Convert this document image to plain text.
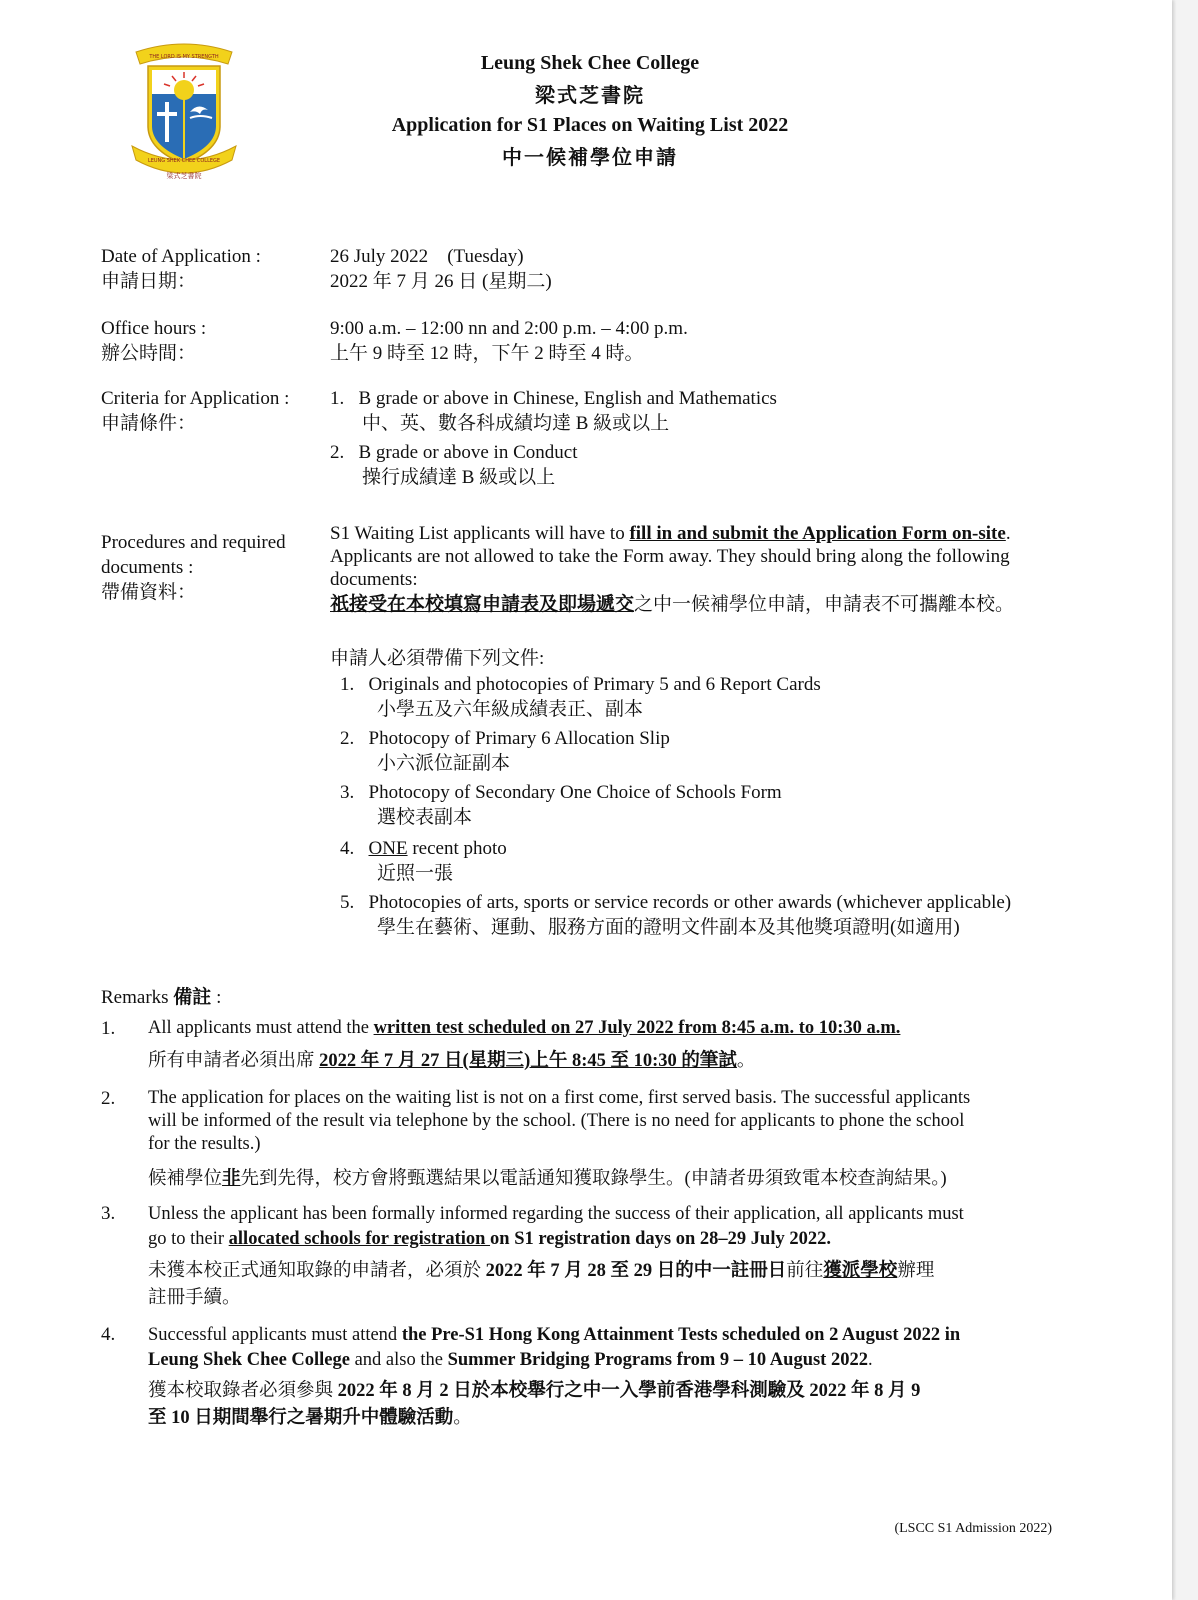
THE LORD IS MY STRENGTH
LEUNG SHEK CHEE COLLEGE
梁式芝書院
Leung Shek Chee College
梁式芝書院
Application for S1 Places on Waiting List 2022
中一候補學位申請
Date of Application :
申請日期：
26 July 2022 (Tuesday)
2022 年 7 月 26 日 (星期二)
Office hours :
辦公時間：
9:00 a.m. – 12:00 nn and 2:00 p.m. – 4:00 p.m.
上午 9 時至 12 時，下午 2 時至 4 時。
Criteria for Application :
申請條件：
1. B grade or above in Chinese, English and Mathematics
中、英、數各科成績均達 B 級或以上
2. B grade or above in Conduct
操行成績達 B 級或以上
Procedures and required
documents :
帶備資料：
S1 Waiting List applicants will have to fill in and submit the Application Form on-site.
Applicants are not allowed to take the Form away. They should bring along the following
documents:
祇接受在本校填寫申請表及即場遞交之中一候補學位申請，申請表不可攜離本校。
申請人必須帶備下列文件:
1. Originals and photocopies of Primary 5 and 6 Report Cards
小學五及六年級成績表正、副本
2. Photocopy of Primary 6 Allocation Slip
小六派位証副本
3. Photocopy of Secondary One Choice of Schools Form
選校表副本
4. ONE recent photo
近照一張
5. Photocopies of arts, sports or service records or other awards (whichever applicable)
學生在藝術、運動、服務方面的證明文件副本及其他獎項證明(如適用)
Remarks 備註 :
1. All applicants must attend the written test scheduled on 27 July 2022 from 8:45 a.m. to 10:30 a.m.
所有申請者必須出席 2022 年 7 月 27 日(星期三)上午 8:45 至 10:30 的筆試。
2. The application for places on the waiting list is not on a first come, first served basis. The successful applicants
will be informed of the result via telephone by the school. (There is no need for applicants to phone the school
for the results.)
候補學位非先到先得，校方會將甄選結果以電話通知獲取錄學生。(申請者毋須致電本校查詢結果。)
3. Unless the applicant has been formally informed regarding the success of their application, all applicants must
go to their allocated schools for registration on S1 registration days on 28–29 July 2022.
未獲本校正式通知取錄的申請者，必須於 2022 年 7 月 28 至 29 日的中一註冊日前往獲派學校辦理
註冊手續。
4. Successful applicants must attend the Pre-S1 Hong Kong Attainment Tests scheduled on 2 August 2022 in
Leung Shek Chee College and also the Summer Bridging Programs from 9 – 10 August 2022.
獲本校取錄者必須參與 2022 年 8 月 2 日於本校舉行之中一入學前香港學科測驗及 2022 年 8 月 9
至 10 日期間舉行之暑期升中體驗活動。
(LSCC S1 Admission 2022)
